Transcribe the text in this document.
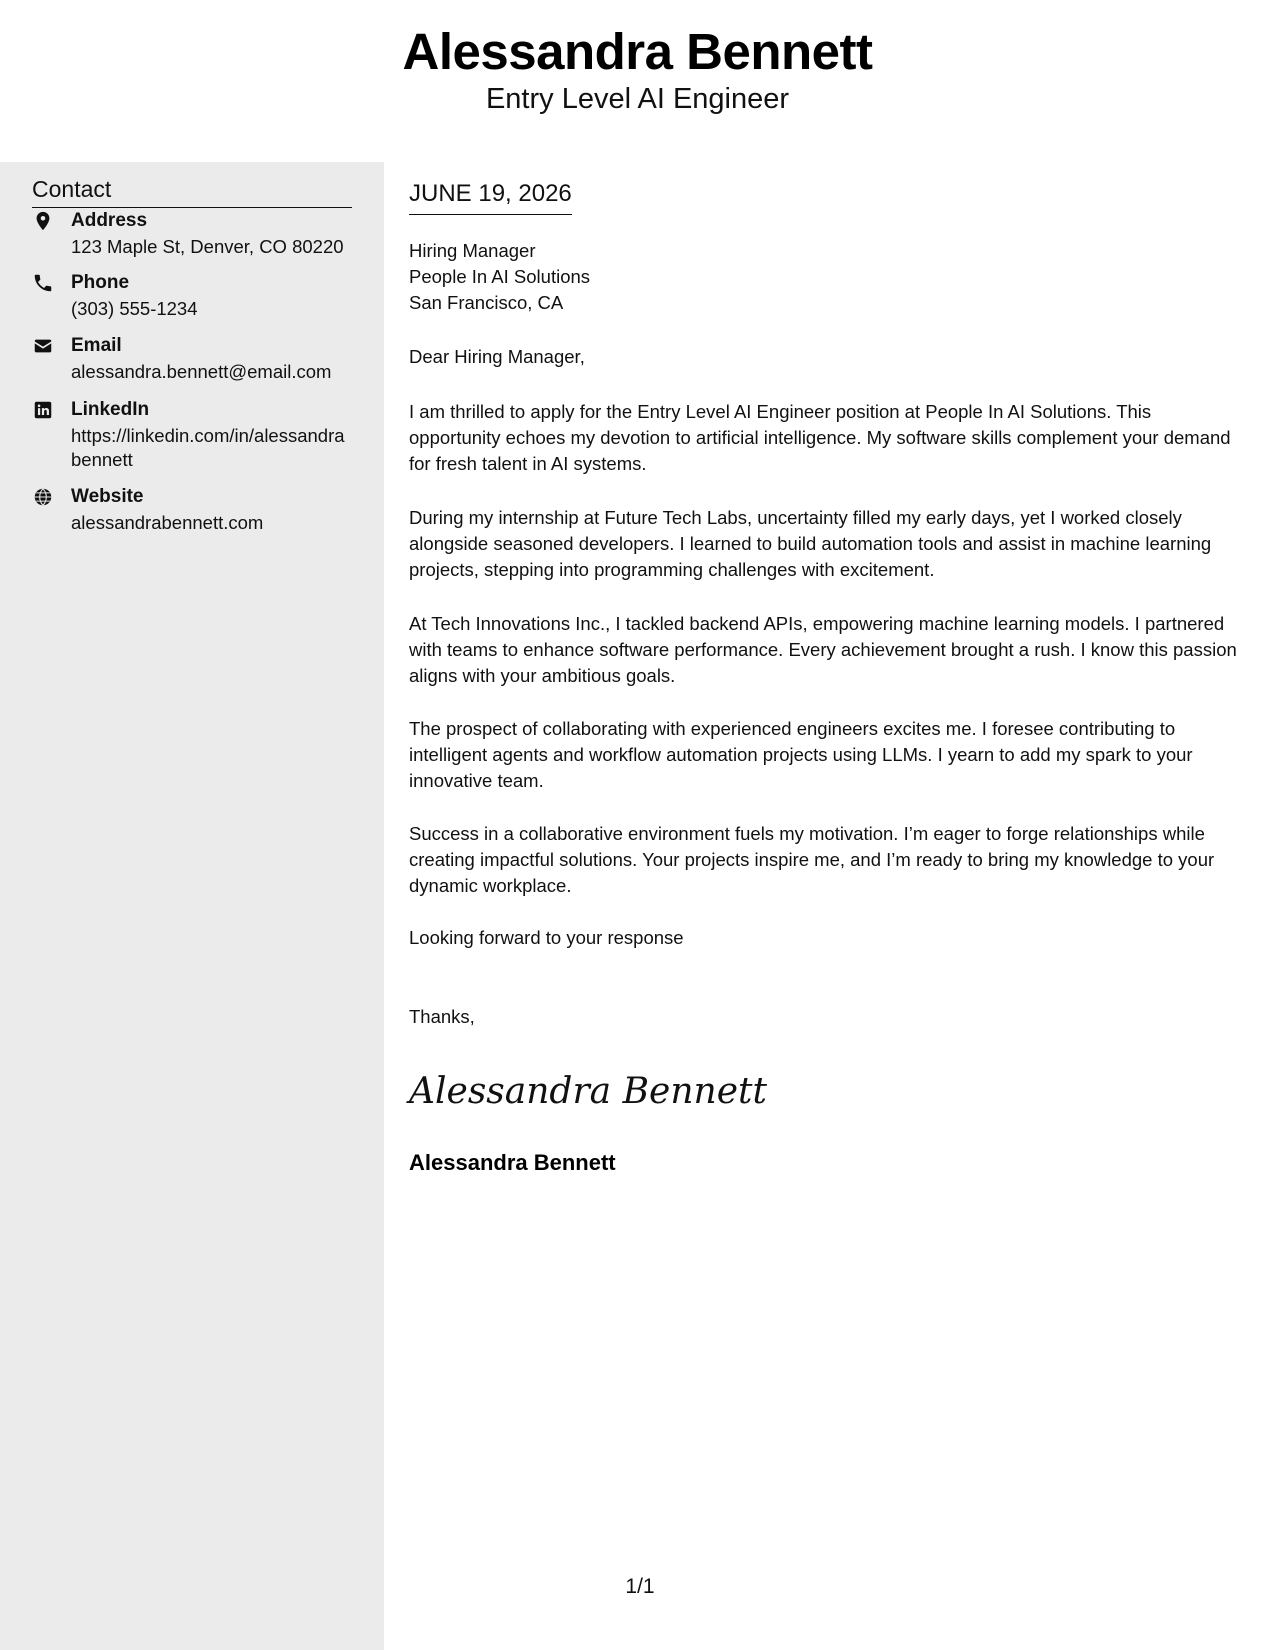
Alessandra Bennett
Entry Level AI Engineer
Contact
Address
123 Maple St, Denver, CO 80220
Phone
(303) 555-1234
Email
alessandra.bennett@email.com
LinkedIn
https://linkedin.com/in/alessandrabennett
Website
alessandrabennett.com
JUNE 19, 2026
Hiring Manager
People In AI Solutions
San Francisco, CA
Dear Hiring Manager,

I am thrilled to apply for the Entry Level AI Engineer position at People In AI Solutions. This opportunity echoes my devotion to artificial intelligence. My software skills complement your demand for fresh talent in AI systems.

During my internship at Future Tech Labs, uncertainty filled my early days, yet I worked closely alongside seasoned developers. I learned to build automation tools and assist in machine learning projects, stepping into programming challenges with excitement.

At Tech Innovations Inc., I tackled backend APIs, empowering machine learning models. I partnered with teams to enhance software performance. Every achievement brought a rush. I know this passion aligns with your ambitious goals.

The prospect of collaborating with experienced engineers excites me. I foresee contributing to intelligent agents and workflow automation projects using LLMs. I yearn to add my spark to your innovative team.

Success in a collaborative environment fuels my motivation. I’m eager to forge relationships while creating impactful solutions. Your projects inspire me, and I’m ready to bring my knowledge to your dynamic workplace.

Looking forward to your response
Thanks,
Alessandra Bennett
Alessandra Bennett
1/1
